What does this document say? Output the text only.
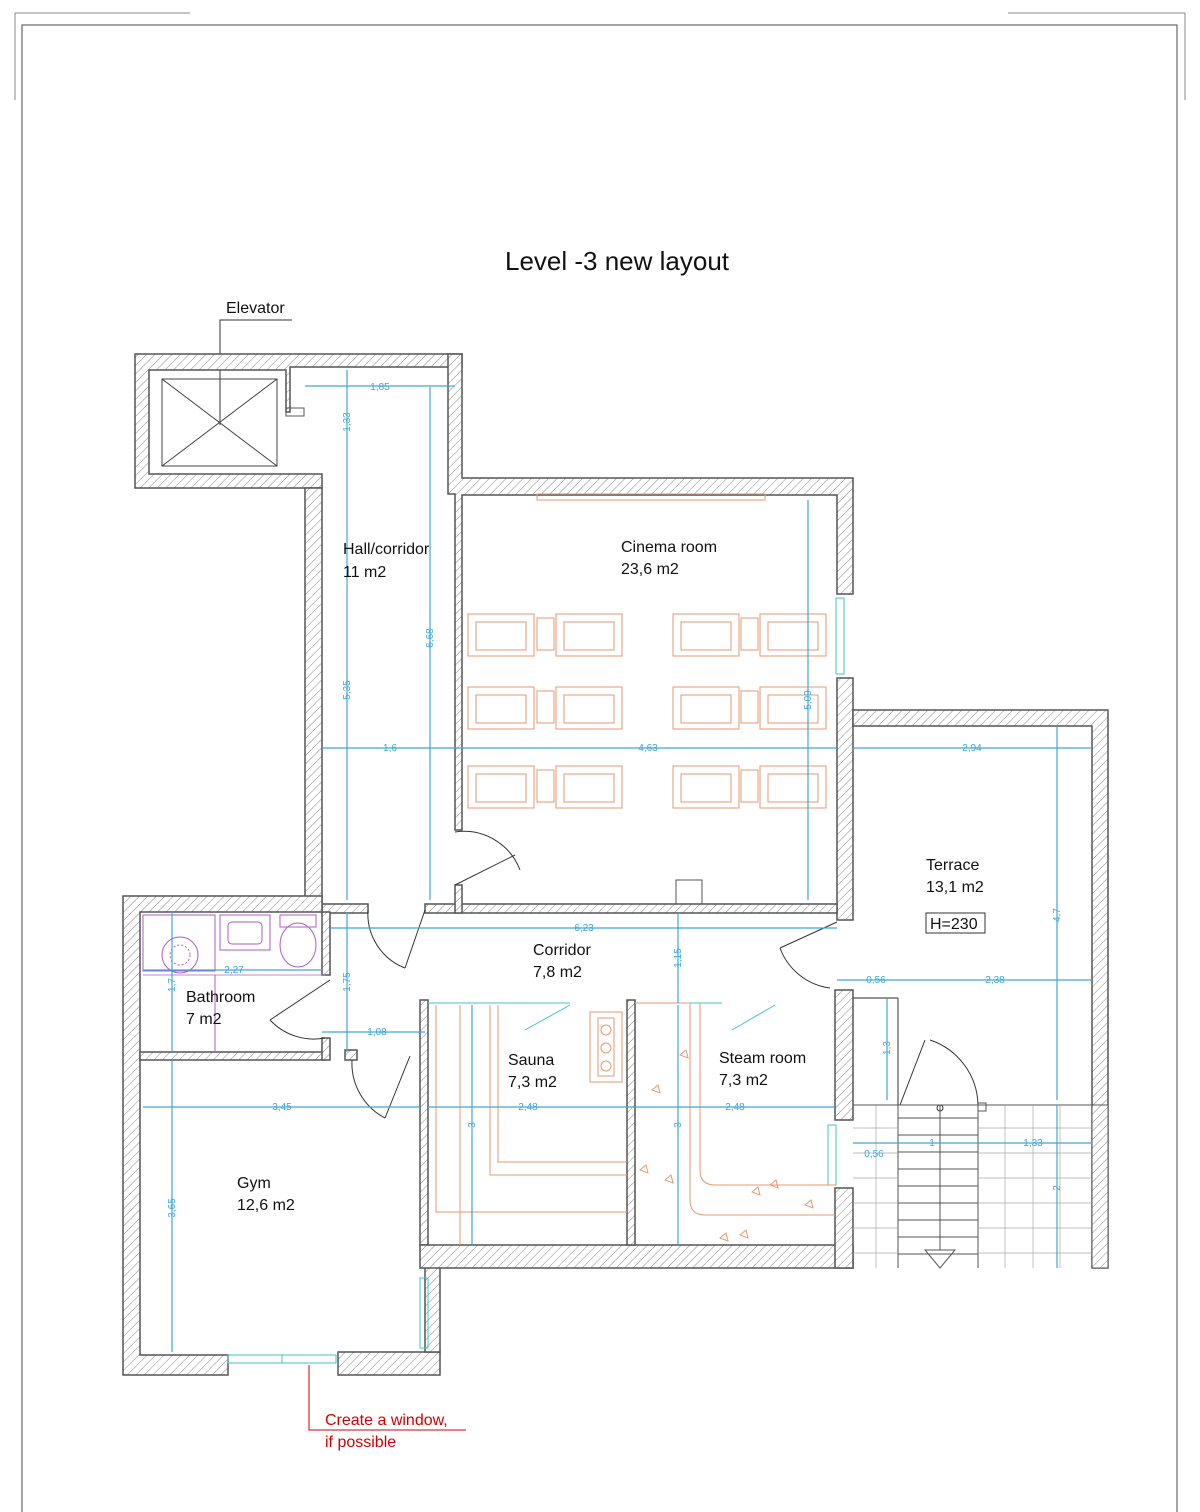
Level -3 new layout
Elevator
1,85
1,33
6,68
5,35
1,6	4,63
5,09
2,94
4,7
6,23
1,15
2,27
1,7	1,75
1,08
3,45	2,48	2,48
3,65
3	3
0,56	2,38
1,3
1	1,33
2
0,56
Hall/corridor
11 m2
Cinema room
23,6 m2
Terrace
13,1 m2
Corridor
7,8 m2
Bathroom
7 m2
Sauna
7,3 m2
Steam room
7,3 m2
Gym
12,6 m2
H=230
Create a window,
if possible
